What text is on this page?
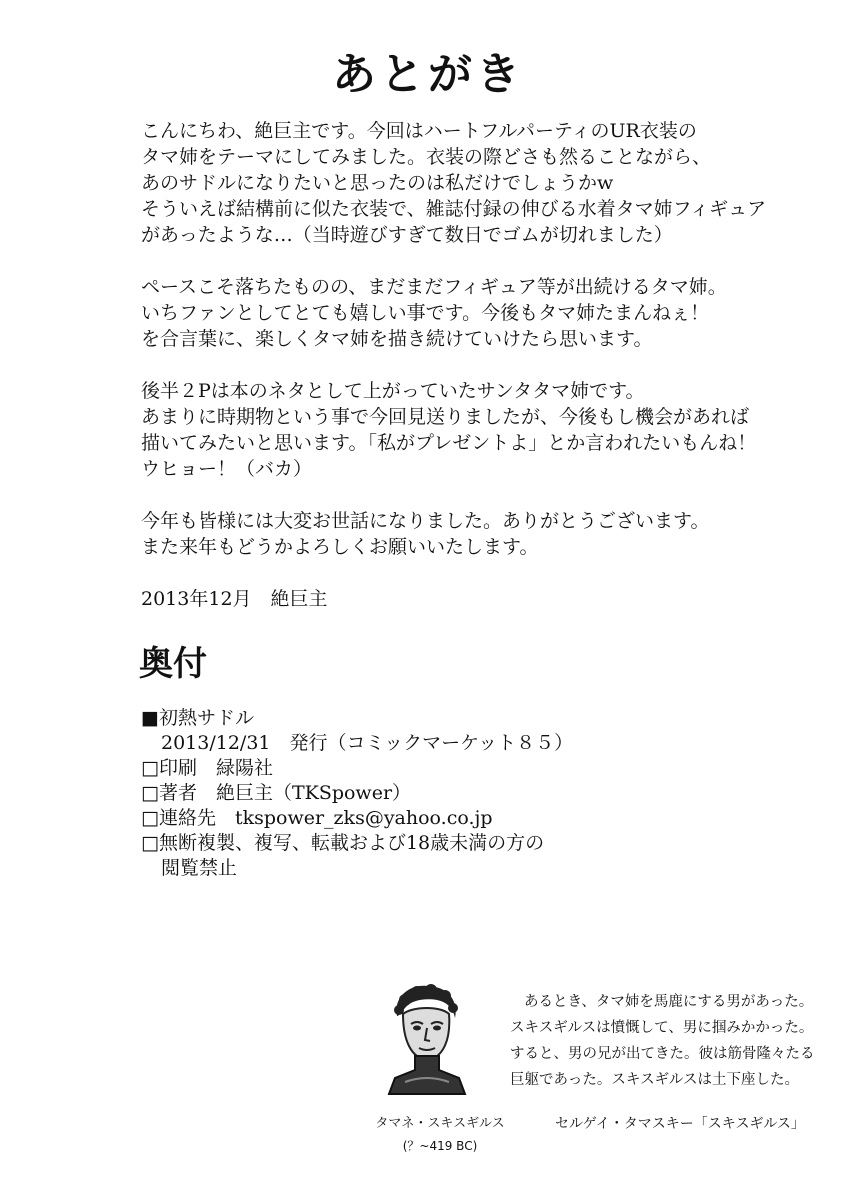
あとがき
こんにちわ、絶巨主です。今回はハートフルパーティのUR衣装の
タマ姉をテーマにしてみました。衣装の際どさも然ることながら、
あのサドルになりたいと思ったのは私だけでしょうかw
そういえば結構前に似た衣装で、雑誌付録の伸びる水着タマ姉フィギュア
があったような…（当時遊びすぎて数日でゴムが切れました）
ペースこそ落ちたものの、まだまだフィギュア等が出続けるタマ姉。
いちファンとしてとても嬉しい事です。今後もタマ姉たまんねぇ！
を合言葉に、楽しくタマ姉を描き続けていけたら思います。
後半２Pは本のネタとして上がっていたサンタタマ姉です。
あまりに時期物という事で今回見送りましたが、今後もし機会があれば
描いてみたいと思います。「私がプレゼントよ」とか言われたいもんね！
ウヒョー！（バカ）
今年も皆様には大変お世話になりました。ありがとうございます。
また来年もどうかよろしくお願いいたします。
2013年12月　絶巨主
奥付
■初熱サドル
2013/12/31　発行（コミックマーケット８５）
□印刷　緑陽社
□著者　絶巨主（TKSpower）
□連絡先　tkspower_zks@yahoo.co.jp
□無断複製、複写、転載および18歳未満の方の
閲覧禁止
タマネ・スキスギルス
(？~419 BC)
あるとき、タマ姉を馬鹿にする男があった。
スキスギルスは憤慨して、男に掴みかかった。
すると、男の兄が出てきた。彼は筋骨隆々たる
巨躯であった。スキスギルスは土下座した。
セルゲイ・タマスキー「スキスギルス」
